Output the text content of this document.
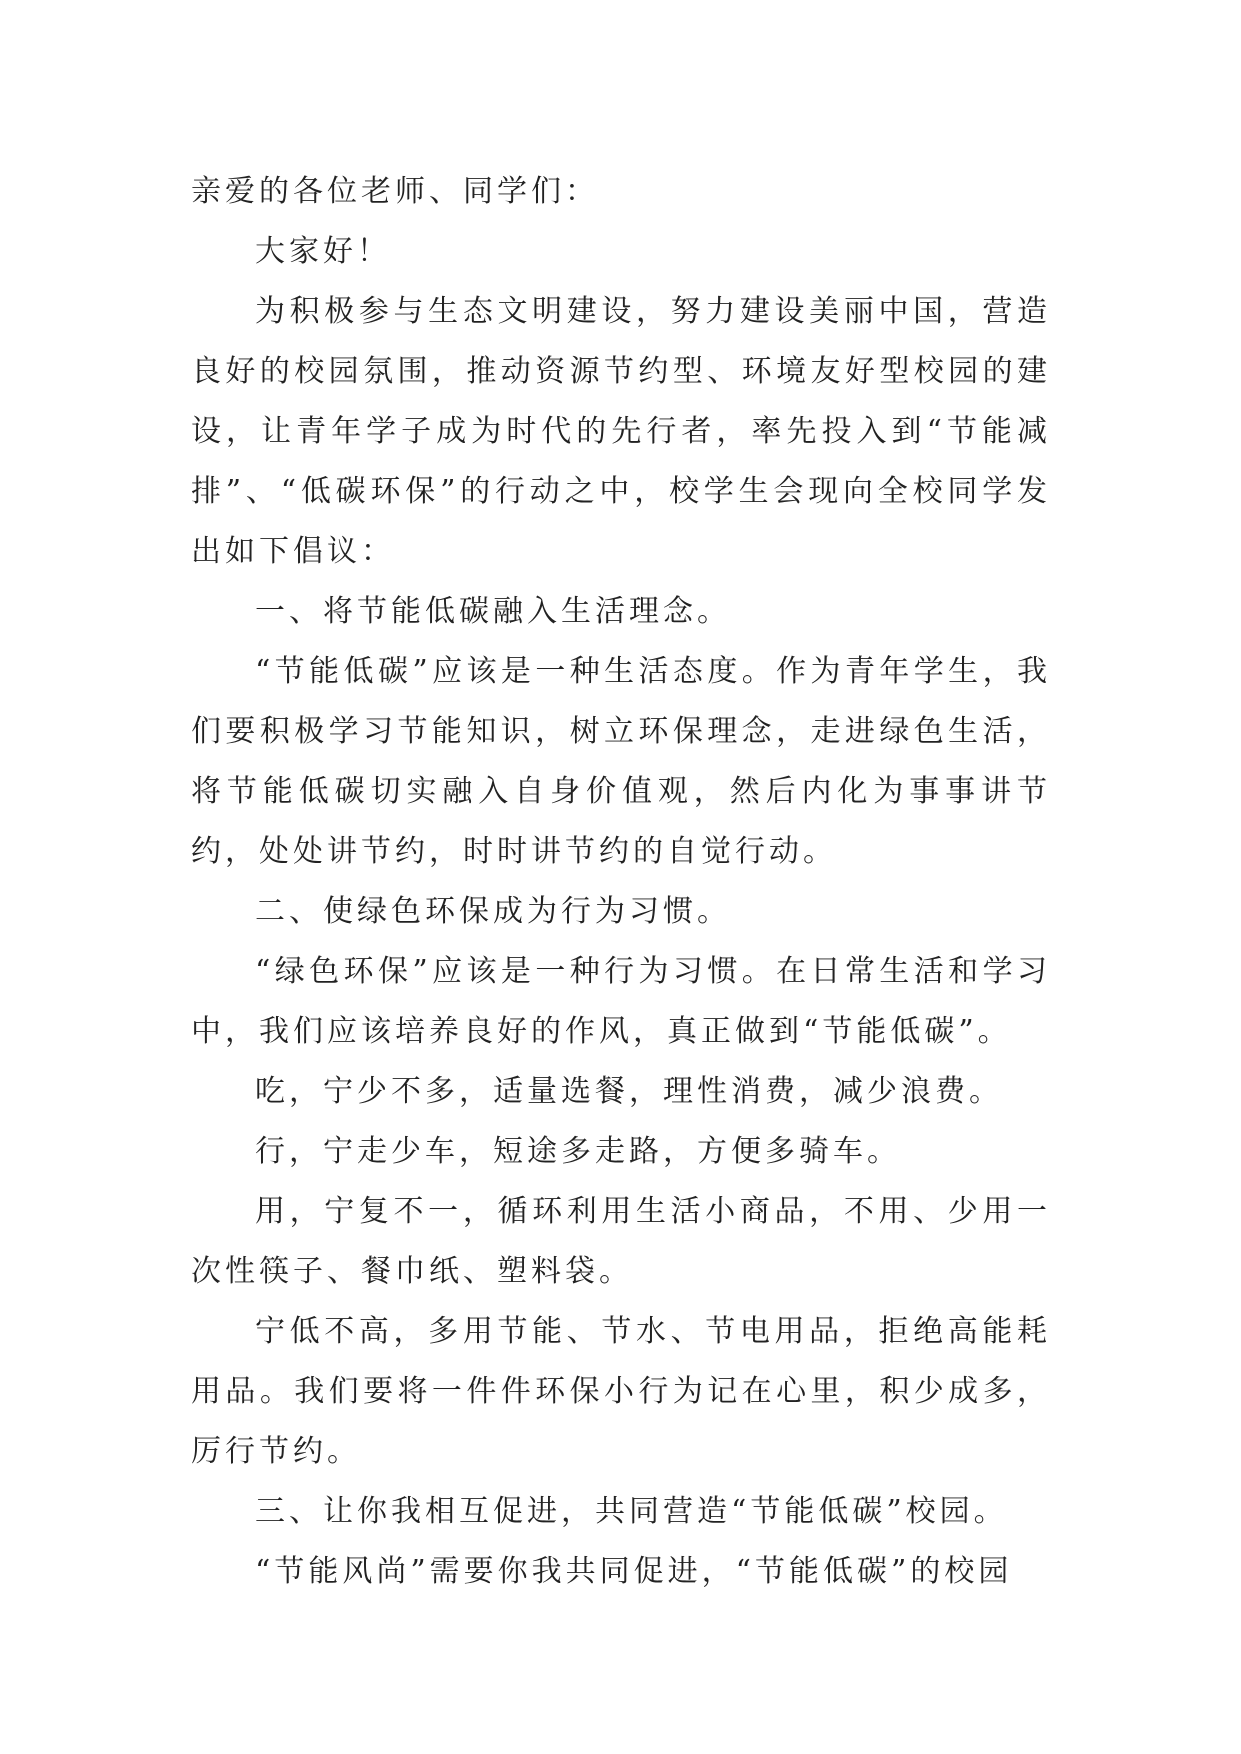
亲爱的各位老师、同学们：

大家好！

为积极参与生态文明建设，努力建设美丽中国，营造良好的校园氛围，推动资源节约型、环境友好型校园的建设，让青年学子成为时代的先行者，率先投入到“节能减排”、“低碳环保”的行动之中，校学生会现向全校同学发出如下倡议：

一、将节能低碳融入生活理念。

“节能低碳”应该是一种生活态度。作为青年学生，我们要积极学习节能知识，树立环保理念，走进绿色生活，将节能低碳切实融入自身价值观，然后内化为事事讲节约，处处讲节约，时时讲节约的自觉行动。

二、使绿色环保成为行为习惯。

“绿色环保”应该是一种行为习惯。在日常生活和学习中，我们应该培养良好的作风，真正做到“节能低碳”。

吃，宁少不多，适量选餐，理性消费，减少浪费。

行，宁走少车，短途多走路，方便多骑车。

用，宁复不一，循环利用生活小商品，不用、少用一次性筷子、餐巾纸、塑料袋。

宁低不高，多用节能、节水、节电用品，拒绝高能耗用品。我们要将一件件环保小行为记在心里，积少成多，厉行节约。

三、让你我相互促进，共同营造“节能低碳”校园。

“节能风尚”需要你我共同促进，“节能低碳”的校园
